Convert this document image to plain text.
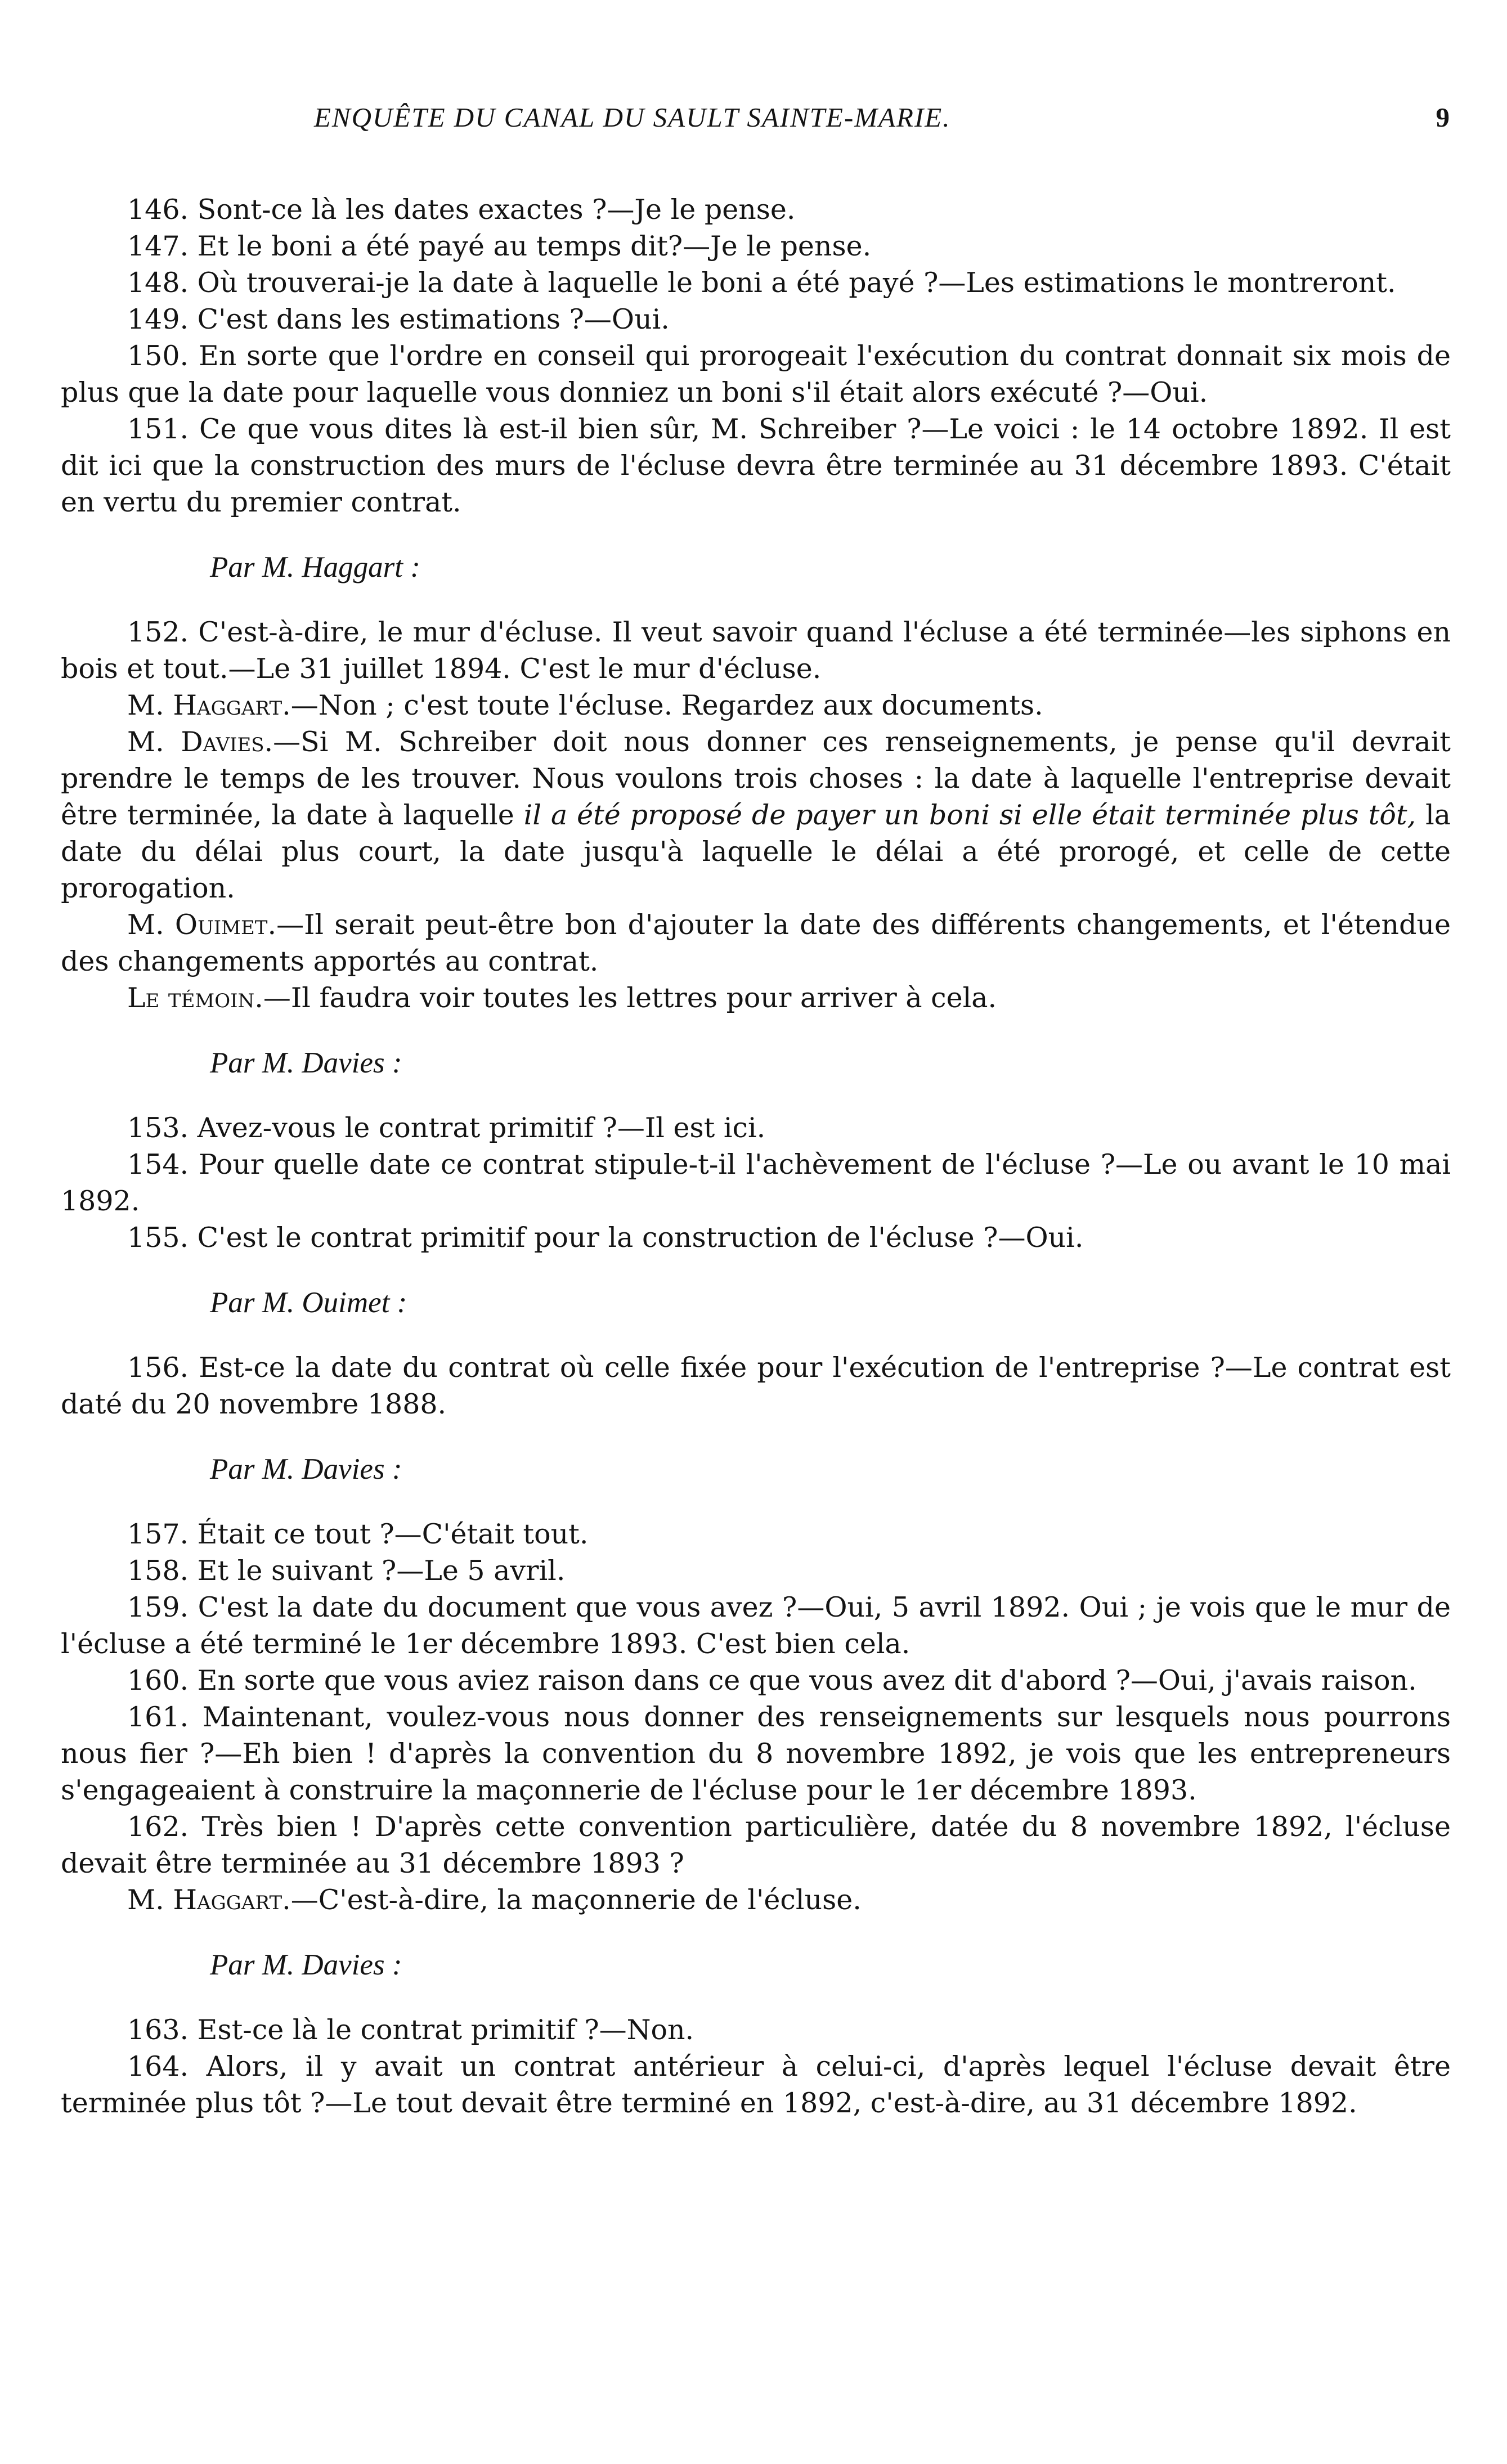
ENQUÊTE DU CANAL DU SAULT SAINTE-MARIE.	9

146. Sont-ce là les dates exactes ?—Je le pense.

147. Et le boni a été payé au temps dit?—Je le pense.

148. Où trouverai-je la date à laquelle le boni a été payé ?—Les estimations le montreront.

149. C'est dans les estimations ?—Oui.

150. En sorte que l'ordre en conseil qui prorogeait l'exécution du contrat donnait six mois de plus que la date pour laquelle vous donniez un boni s'il était alors exécuté ?—Oui.

151. Ce que vous dites là est-il bien sûr, M. Schreiber ?—Le voici : le 14 octobre 1892. Il est dit ici que la construction des murs de l'écluse devra être terminée au 31 décembre 1893. C'était en vertu du premier contrat.

Par M. Haggart :

152. C'est-à-dire, le mur d'écluse. Il veut savoir quand l'écluse a été terminée—les siphons en bois et tout.—Le 31 juillet 1894. C'est le mur d'écluse.

M. Haggart.—Non ; c'est toute l'écluse. Regardez aux documents.

M. Davies.—Si M. Schreiber doit nous donner ces renseignements, je pense qu'il devrait prendre le temps de les trouver. Nous voulons trois choses : la date à laquelle l'entreprise devait être terminée, la date à laquelle il a été proposé de payer un boni si elle était terminée plus tôt, la date du délai plus court, la date jusqu'à laquelle le délai a été prorogé, et celle de cette prorogation.

M. Ouimet.—Il serait peut-être bon d'ajouter la date des différents changements, et l'étendue des changements apportés au contrat.

Le témoin.—Il faudra voir toutes les lettres pour arriver à cela.

Par M. Davies :

153. Avez-vous le contrat primitif ?—Il est ici.

154. Pour quelle date ce contrat stipule-t-il l'achèvement de l'écluse ?—Le ou avant le 10 mai 1892.

155. C'est le contrat primitif pour la construction de l'écluse ?—Oui.

Par M. Ouimet :

156. Est-ce la date du contrat où celle fixée pour l'exécution de l'entreprise ?—Le contrat est daté du 20 novembre 1888.

Par M. Davies :

157. Était ce tout ?—C'était tout.

158. Et le suivant ?—Le 5 avril.

159. C'est la date du document que vous avez ?—Oui, 5 avril 1892. Oui ; je vois que le mur de l'écluse a été terminé le 1er décembre 1893. C'est bien cela.

160. En sorte que vous aviez raison dans ce que vous avez dit d'abord ?—Oui, j'avais raison.

161. Maintenant, voulez-vous nous donner des renseignements sur lesquels nous pourrons nous fier ?—Eh bien ! d'après la convention du 8 novembre 1892, je vois que les entrepreneurs s'engageaient à construire la maçonnerie de l'écluse pour le 1er décembre 1893.

162. Très bien ! D'après cette convention particulière, datée du 8 novembre 1892, l'écluse devait être terminée au 31 décembre 1893 ?

M. Haggart.—C'est-à-dire, la maçonnerie de l'écluse.

Par M. Davies :

163. Est-ce là le contrat primitif ?—Non.

164. Alors, il y avait un contrat antérieur à celui-ci, d'après lequel l'écluse devait être terminée plus tôt ?—Le tout devait être terminé en 1892, c'est-à-dire, au 31 décembre 1892.
